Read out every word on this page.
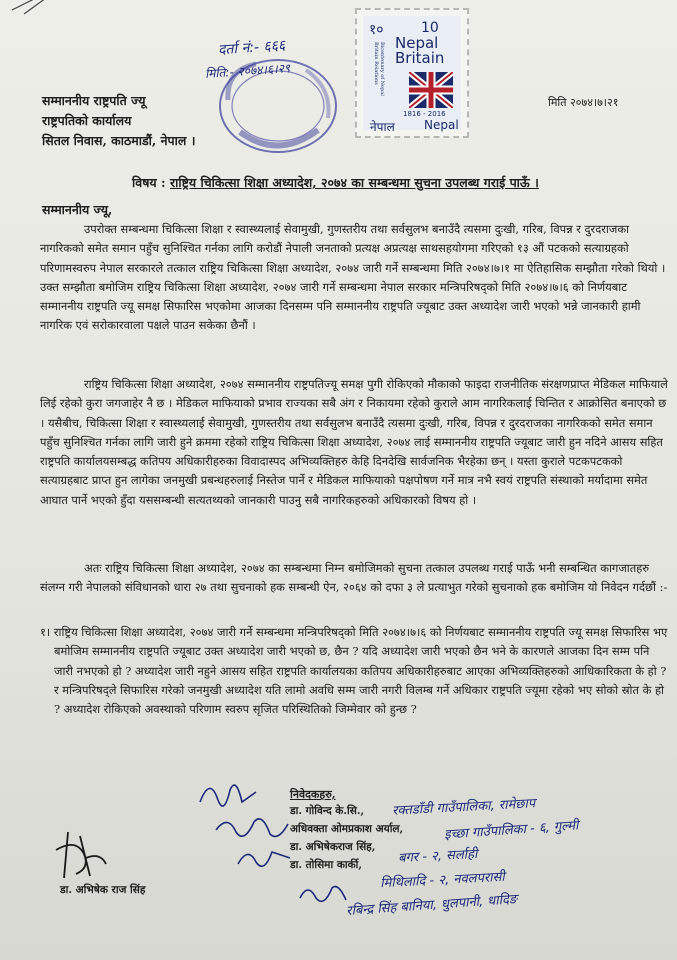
दर्ता नं:- ६६६
मिति:- २०७४।६।२९
१०	10
Nepal
Britain
Bicentenary of Nepal Britain Relations
1816 - 2016
नेपाल Nepal
मिति २०७४।७।२१
सम्माननीय राष्ट्रपति ज्यू
राष्ट्रपतिको कार्यालय
सितल निवास, काठमाडौं, नेपाल ।
विषय : राष्ट्रिय चिकित्सा शिक्षा अध्यादेश, २०७४ का सम्बन्धमा सुचना उपलब्ध गराई पाऊँ ।
सम्माननीय ज्यू,

उपरोक्त सम्बन्धमा चिकित्सा शिक्षा र स्वास्थ्यलाई सेवामुखी, गुणस्तरीय तथा सर्वसुलभ बनाउँदै त्यसमा दुःखी, गरिब, विपन्न र दुरदराजका नागरिकको समेत समान पहुँच सुनिश्चित गर्नका लागि करोडौं नेपाली जनताको प्रत्यक्ष अप्रत्यक्ष साथसहयोगमा गरिएको १३ औं पटकको सत्याग्रहको परिणामस्वरुप नेपाल सरकारले तत्काल राष्ट्रिय चिकित्सा शिक्षा अध्यादेश, २०७४ जारी गर्ने सम्बन्धमा मिति २०७४।७।१ मा ऐतिहासिक सम्झौता गरेको थियो । उक्त सम्झौता बमोजिम राष्ट्रिय चिकित्सा शिक्षा अध्यादेश, २०७४ जारी गर्ने सम्बन्धमा नेपाल सरकार मन्त्रिपरिषद्को मिति २०७४।७।६ को निर्णयबाट सम्माननीय राष्ट्रपति ज्यू समक्ष सिफारिस भएकोमा आजका दिनसम्म पनि सम्माननीय राष्ट्रपति ज्यूबाट उक्त अध्यादेश जारी भएको भन्ने जानकारी हामी नागरिक एवं सरोकारवाला पक्षले पाउन सकेका छैनौं ।

राष्ट्रिय चिकित्सा शिक्षा अध्यादेश, २०७४ सम्माननीय राष्ट्रपतिज्यू समक्ष पुगी रोकिएको मौकाको फाइदा राजनीतिक संरक्षणप्राप्त मेडिकल माफियाले लिई रहेको कुरा जगजाहेर नै छ । मेडिकल माफियाको प्रभाव राज्यका सबै अंग र निकायमा रहेको कुराले आम नागरिकलाई चिन्तित र आक्रोसित बनाएको छ । यसैबीच, चिकित्सा शिक्षा र स्वास्थ्यलाई सेवामुखी, गुणस्तरीय तथा सर्वसुलभ बनाउँदै त्यसमा दुःखी, गरिब, विपन्न र दुरदराजका नागरिकको समेत समान पहुँच सुनिश्चित गर्नका लागि जारी हुने क्रममा रहेको राष्ट्रिय चिकित्सा शिक्षा अध्यादेश, २०७४ लाई सम्माननीय राष्ट्रपति ज्यूबाट जारी हुन नदिने आसय सहित राष्ट्रपति कार्यालयसम्बद्ध कतिपय अधिकारीहरुका विवादास्पद अभिव्यक्तिहरु केहि दिनदेखि सार्वजनिक भैरहेका छन् । यस्ता कुराले पटकपटकको सत्याग्रहबाट प्राप्त हुन लागेका जनमुखी प्रबन्धहरुलाई निस्तेज पार्ने र मेडिकल माफियाको पक्षपोषण गर्ने मात्र नभै स्वयं राष्ट्रपति संस्थाको मर्यादामा समेत आघात पार्ने भएको हुँदा यससम्बन्धी सत्यतथ्यको जानकारी पाउनु सबै नागरिकहरुको अधिकारको विषय हो ।

अतः राष्ट्रिय चिकित्सा शिक्षा अध्यादेश, २०७४ का सम्बन्धमा निम्न बमोजिमको सुचना तत्काल उपलब्ध गराई पाऊँ भनी सम्बन्धित कागजातहरु संलग्न गरी नेपालको संविधानको धारा २७ तथा सुचनाको हक सम्बन्धी ऐन, २०६४ को दफा ३ ले प्रत्याभुत गरेको सुचनाको हक बमोजिम यो निवेदन गर्दछौं :-

१। राष्ट्रिय चिकित्सा शिक्षा अध्यादेश, २०७४ जारी गर्ने सम्बन्धमा मन्त्रिपरिषद्को मिति २०७४।७।६ को निर्णयबाट सम्माननीय राष्ट्रपति ज्यू समक्ष सिफारिस भए बमोजिम सम्माननीय राष्ट्रपति ज्यूबाट उक्त अध्यादेश जारी भएको छ, छैन ? यदि अध्यादेश जारी भएको छैन भने के कारणले आजका दिन सम्म पनि जारी नभएको हो ? अध्यादेश जारी नहुने आसय सहित राष्ट्रपति कार्यालयका कतिपय अधिकारीहरुबाट आएका अभिव्यक्तिहरुको आधिकारिकता के हो ? र मन्त्रिपरिषद्ले सिफारिस गरेको जनमुखी अध्यादेश यति लामो अवधि सम्म जारी नगरी विलम्ब गर्ने अधिकार राष्ट्रपति ज्यूमा रहेको भए सोको स्रोत के हो ? अध्यादेश रोकिएको अवस्थाको परिणाम स्वरुप सृजित परिस्थितिको जिम्मेवार को हुन्छ ?

निवेदकहरु,
डा. गोविन्द के.सि.,
अधिवक्ता ओमप्रकाश अर्याल,
डा. अभिषेकराज सिंह,
डा. तोसिमा कार्की,
रक्तडाँडी गाउँपालिका, रामेछाप
इच्छा गाउँपालिका - ६, गुल्मी
बगर - २, सर्लाही
मिथिलादि - २, नवलपरासी
रबिन्द्र सिंह बानिया, धुलपानी, धादिङ
डा. अभिषेक राज सिंह
